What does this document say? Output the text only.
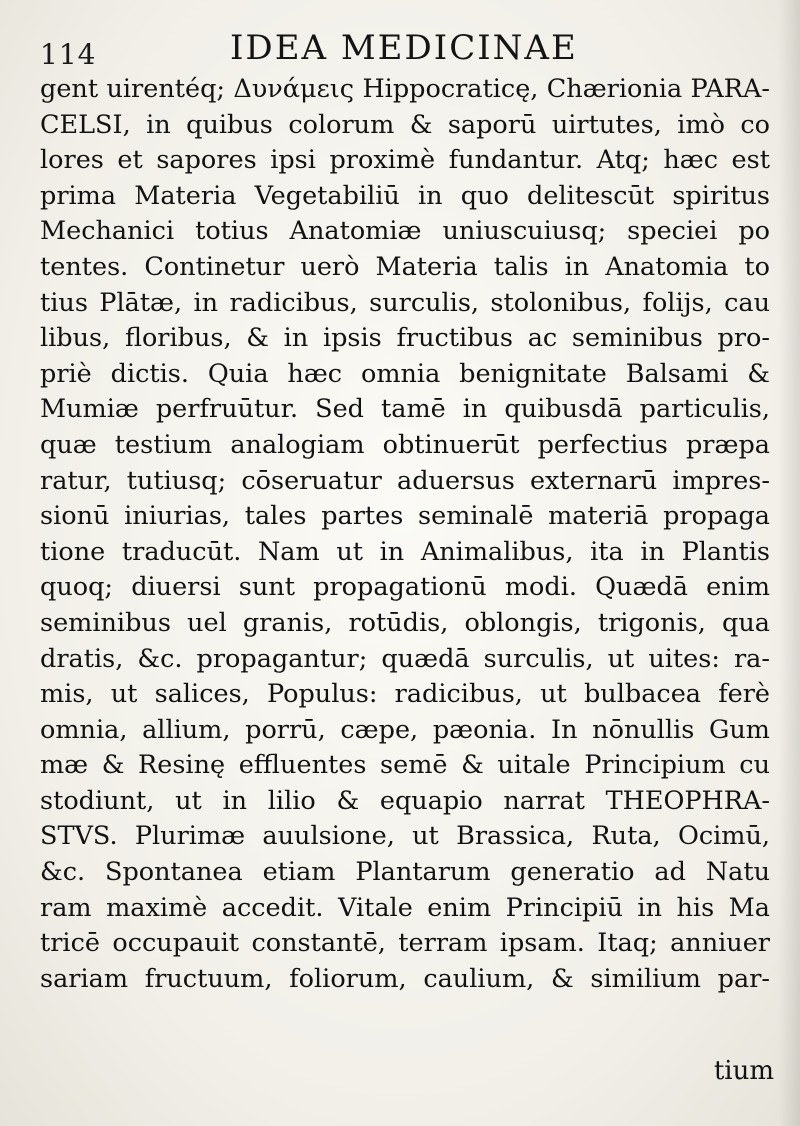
114	IDEA MEDICINAE
gent uirentéq; Δυνάμεις Hippocraticę, Chærionia PARA-
CELSI, in quibus colorum & saporū uirtutes, imò co
lores et sapores ipsi proximè fundantur. Atq; hæc est
prima Materia Vegetabiliū in quo delitescūt spiritus
Mechanici totius Anatomiæ uniuscuiusq; speciei po
tentes. Continetur uerò Materia talis in Anatomia to
tius Plātæ, in radicibus, surculis, stolonibus, folijs, cau
libus, floribus, & in ipsis fructibus ac seminibus pro-
priè dictis. Quia hæc omnia benignitate Balsami &
Mumiæ perfruūtur. Sed tamē in quibusdā particulis,
quæ testium analogiam obtinuerūt perfectius præpa
ratur, tutiusq; cōseruatur aduersus externarū impres-
sionū iniurias, tales partes seminalē materiā propaga
tione traducūt. Nam ut in Animalibus, ita in Plantis
quoq; diuersi sunt propagationū modi. Quædā enim
seminibus uel granis, rotūdis, oblongis, trigonis, qua
dratis, &c. propagantur; quædā surculis, ut uites: ra-
mis, ut salices, Populus: radicibus, ut bulbacea ferè
omnia, allium, porrū, cæpe, pæonia. In nōnullis Gum
mæ & Resinę effluentes semē & uitale Principium cu
stodiunt, ut in lilio & equapio narrat THEOPHRA-
STVS. Plurimæ auulsione, ut Brassica, Ruta, Ocimū,
&c. Spontanea etiam Plantarum generatio ad Natu
ram maximè accedit. Vitale enim Principiū in his Ma
tricē occupauit constantē, terram ipsam. Itaq; anniuer
sariam fructuum, foliorum, caulium, & similium par-
tium
